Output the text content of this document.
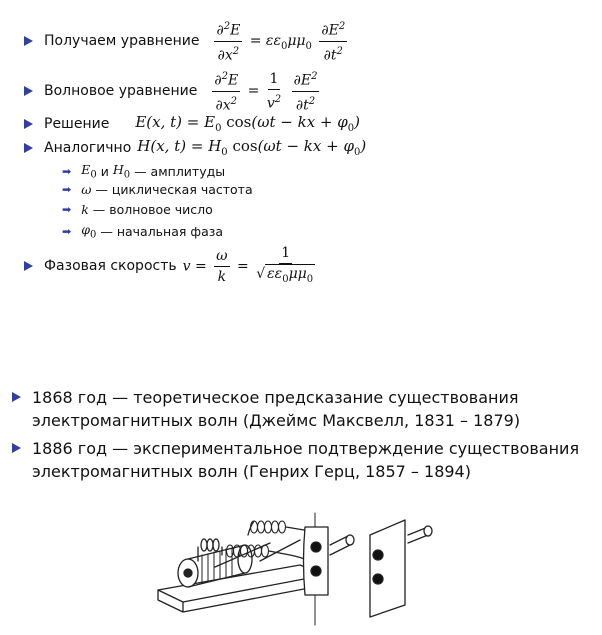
Получаем уравнение $\frac{\partial^2E}{\partial x^2} = \varepsilon\varepsilon_0\mu\mu_0 \frac{\partial E^2}{\partial t^2}$
Волновое уравнение $\frac{\partial^2E}{\partial x^2} = \frac{1}{v^2}$
$\frac{\partial E^2}{\partial t^2}$
Решение E(x, $t) = E_0$ cos(ωt − kx + $\varphi_0$)
Аналогично H(x, $t) = H_0$ cos(ωt − kx + $\varphi_0$)
➡ $E_0$
и
$H_0$
— амплитуды
➡ ω
— циклическая частота
➡ k
— волновое число
➡ $\varphi_0$
— начальная фаза
Фазовая скорость $v = \frac{\omega}{k} = \frac{1}{√ \varepsilon\varepsilon_0\mu\mu_0}$
1868 год — теоретическое предсказание существования
электромагнитных волн (Джеймс Максвелл, 1831 – 1879)
1886 год — экспериментальное подтверждение существования
электромагнитных волн (Генрих Герц, 1857 – 1894)
